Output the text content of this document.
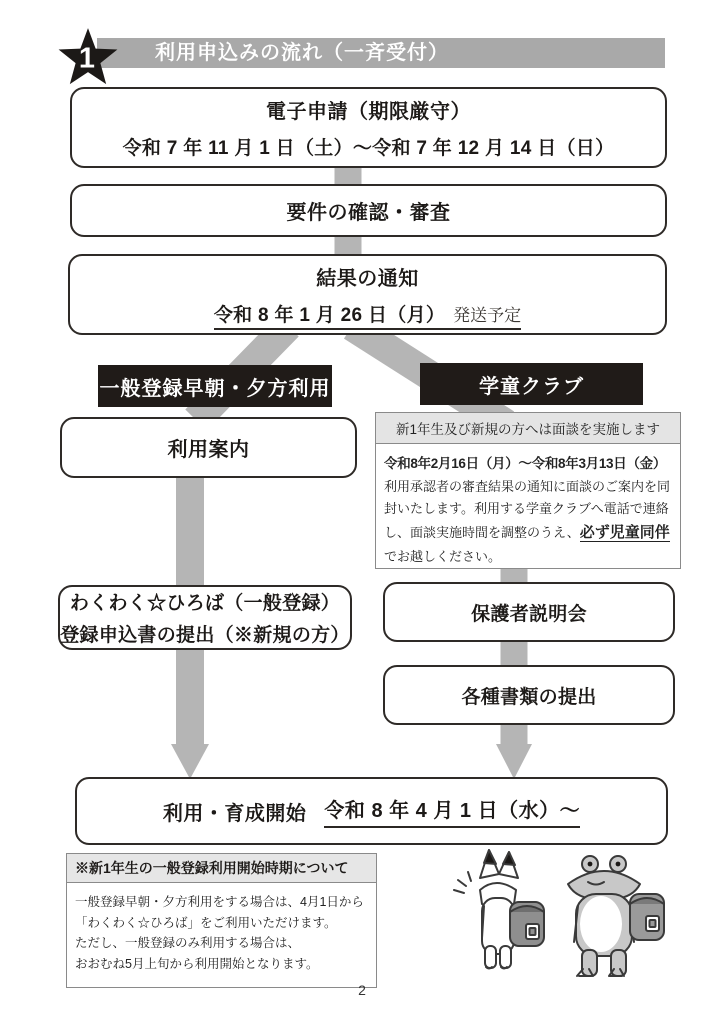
利用申込みの流れ（一斉受付）
1
電子申請（期限厳守）
令和 7 年 11 月 1 日（土）～令和 7 年 12 月 14 日（日）
要件の確認・審査
結果の通知
令和 8 年 1 月 26 日（月） 発送予定
一般登録早朝・夕方利用	学童クラブ
利用案内
新1年生及び新規の方へは面談を実施します
令和8年2月16日（月）～令和8年3月13日（金）
利用承認者の審査結果の通知に面談のご案内を同封いたします。利用する学童クラブへ電話で連絡し、面談実施時間を調整のうえ、必ず児童同伴でお越しください。
わくわく☆ひろば（一般登録）
登録申込書の提出（※新規の方）
保護者説明会
各種書類の提出
利用・育成開始 令和 8 年 4 月 1 日（水）～
※新1年生の一般登録利用開始時期について
一般登録早朝・夕方利用をする場合は、4月1日から
「わくわく☆ひろば」をご利用いただけます。
ただし、一般登録のみ利用する場合は、
おおむね5月上旬から利用開始となります。
2
